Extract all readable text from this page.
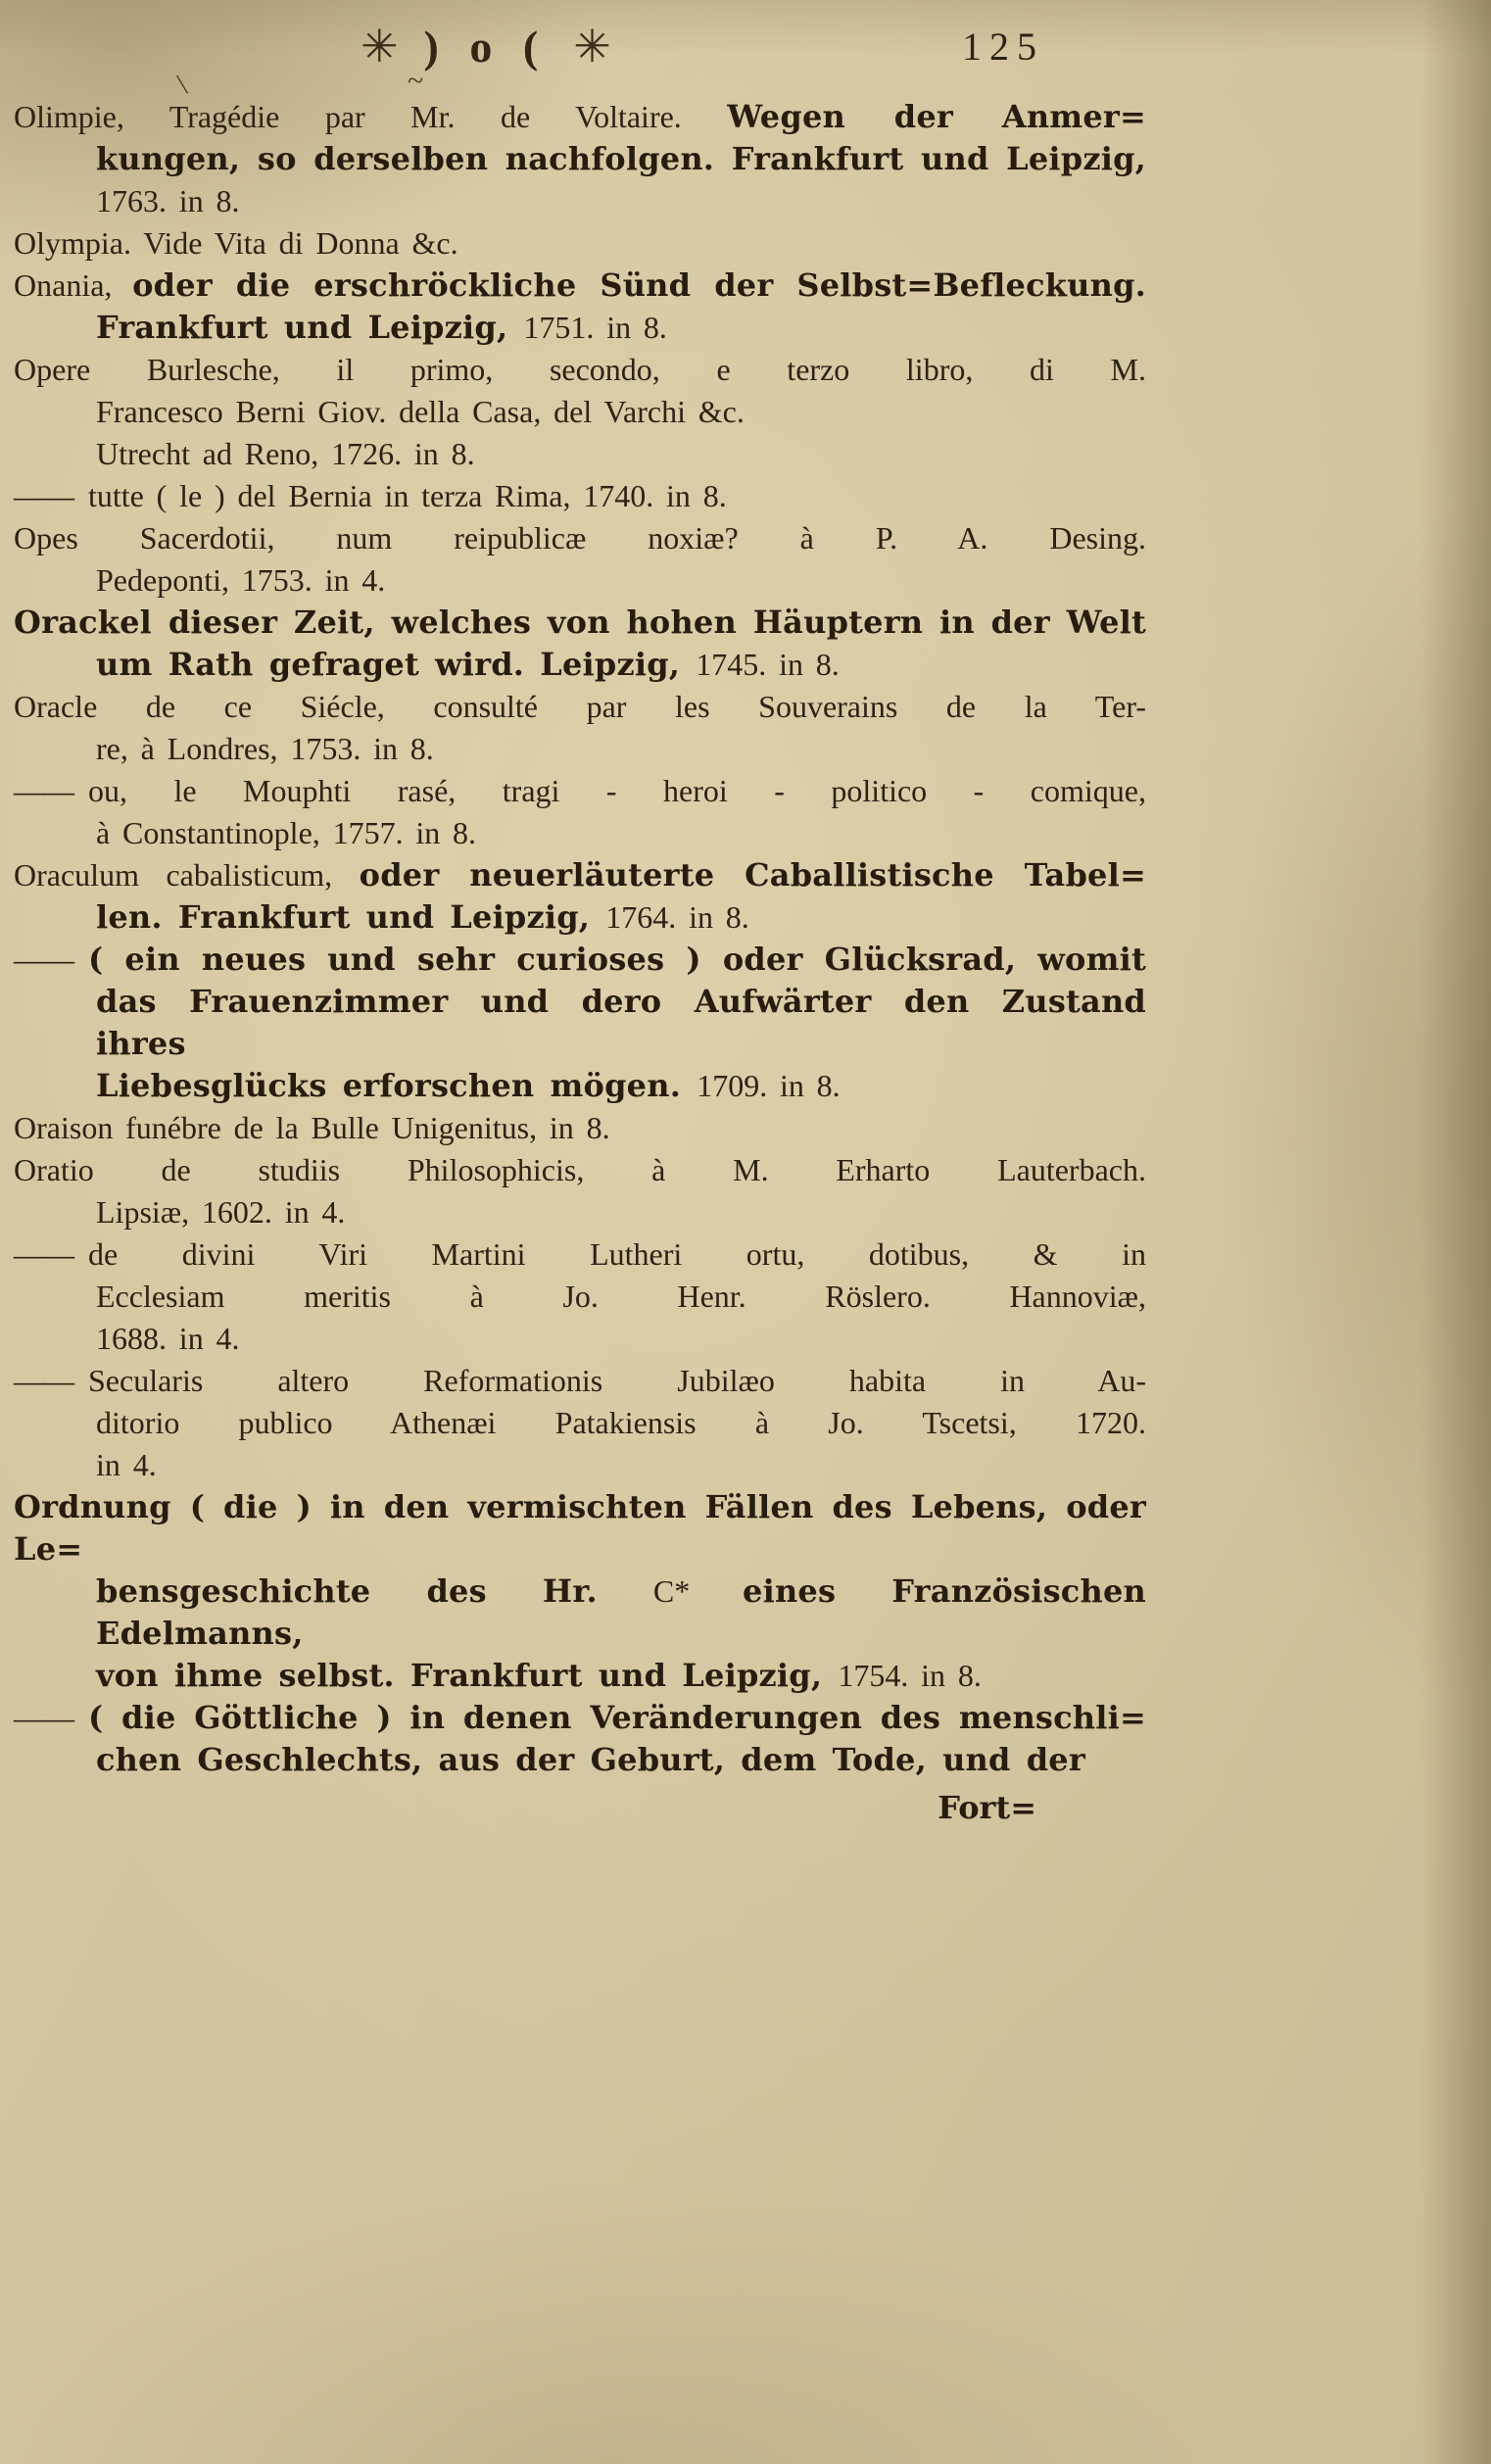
✳ ) o ( ✳	125
\	~
Olimpie, Tragédie par Mr. de Voltaire. Wegen der Anmer=
kungen, so derselben nachfolgen. Frankfurt und Leipzig,
1763. in 8.
Olympia. Vide Vita di Donna &c.
Onania, oder die erschröckliche Sünd der Selbst=Befleckung.
Frankfurt und Leipzig, 1751. in 8.
Opere Burlesche, il primo, secondo, e terzo libro, di M.
Francesco Berni Giov. della Casa, del Varchi &c.
Utrecht ad Reno, 1726. in 8.
—— tutte ( le ) del Bernia in terza Rima, 1740. in 8.
Opes Sacerdotii, num reipublicæ noxiæ? à P. A. Desing.
Pedeponti, 1753. in 4.
Orackel dieser Zeit, welches von hohen Häuptern in der Welt
um Rath gefraget wird. Leipzig, 1745. in 8.
Oracle de ce Siécle, consulté par les Souverains de la Ter-
re, à Londres, 1753. in 8.
—— ou, le Mouphti rasé, tragi - heroi - politico - comique,
à Constantinople, 1757. in 8.
Oraculum cabalisticum, oder neuerläuterte Caballistische Tabel=
len. Frankfurt und Leipzig, 1764. in 8.
—— ( ein neues und sehr curioses ) oder Glücksrad, womit
das Frauenzimmer und dero Aufwärter den Zustand ihres
Liebesglücks erforschen mögen. 1709. in 8.
Oraison funébre de la Bulle Unigenitus, in 8.
Oratio de studiis Philosophicis, à M. Erharto Lauterbach.
Lipsiæ, 1602. in 4.
—— de divini Viri Martini Lutheri ortu, dotibus, & in
Ecclesiam meritis à Jo. Henr. Röslero. Hannoviæ,
1688. in 4.
—— Secularis altero Reformationis Jubilæo habita in Au-
ditorio publico Athenæi Patakiensis à Jo. Tscetsi, 1720.
in 4.
Ordnung ( die ) in den vermischten Fällen des Lebens, oder Le=
bensgeschichte des Hr. C* eines Französischen Edelmanns,
von ihme selbst. Frankfurt und Leipzig, 1754. in 8.
—— ( die Göttliche ) in denen Veränderungen des menschli=
chen Geschlechts, aus der Geburt, dem Tode, und der
Fort=
